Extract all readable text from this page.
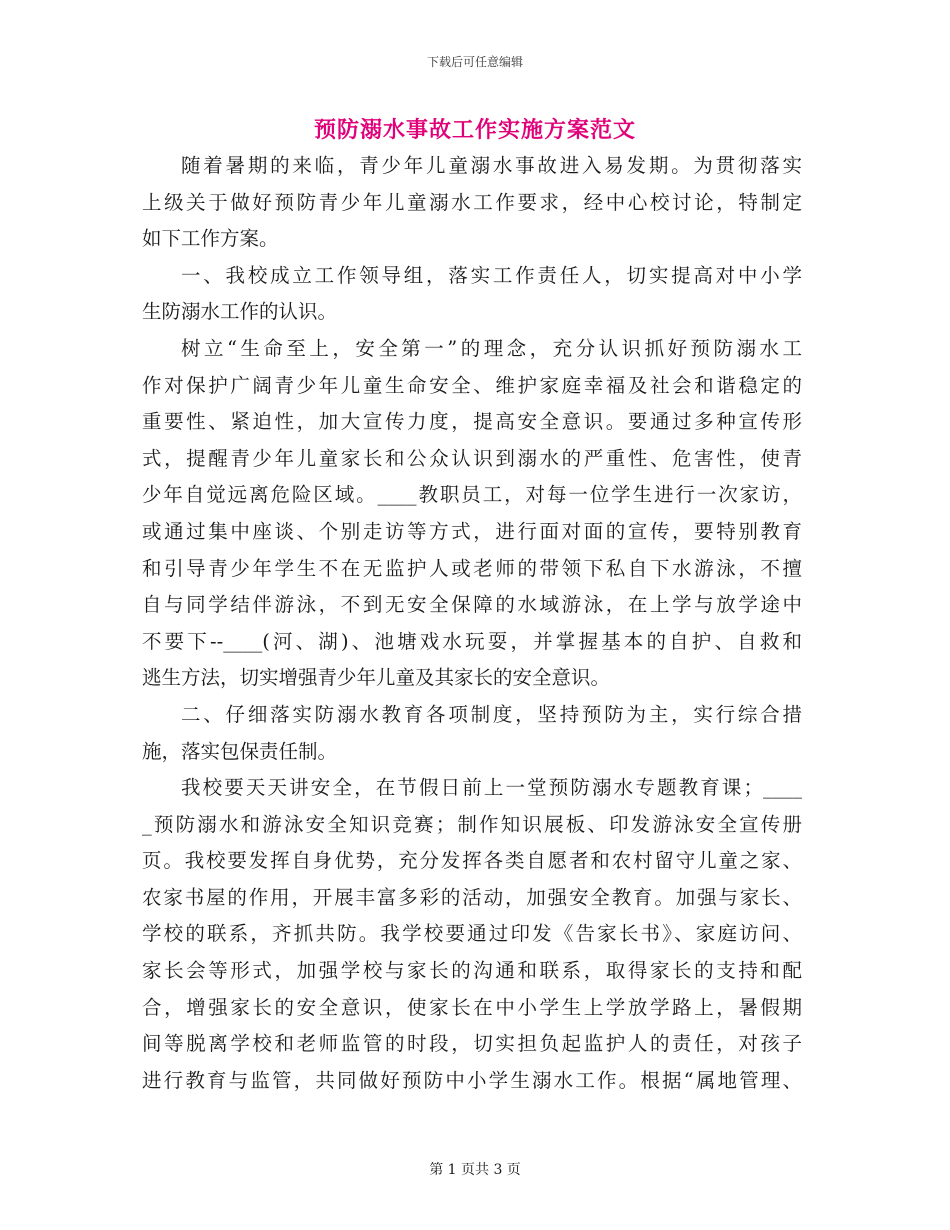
下载后可任意编辑
预防溺水事故工作实施方案范文
随着暑期的来临，青少年儿童溺水事故进入易发期。为贯彻落实
上级关于做好预防青少年儿童溺水工作要求，经中心校讨论，特制定
如下工作方案。
一、我校成立工作领导组，落实工作责任人，切实提高对中小学
生防溺水工作的认识。
树立“生命至上，安全第一”的理念，充分认识抓好预防溺水工
作对保护广阔青少年儿童生命安全、维护家庭幸福及社会和谐稳定的
重要性、紧迫性，加大宣传力度，提高安全意识。要通过多种宣传形
式，提醒青少年儿童家长和公众认识到溺水的严重性、危害性，使青
少年自觉远离危险区域。____教职员工，对每一位学生进行一次家访，
或通过集中座谈、个别走访等方式，进行面对面的宣传，要特别教育
和引导青少年学生不在无监护人或老师的带领下私自下水游泳，不擅
自与同学结伴游泳，不到无安全保障的水域游泳，在上学与放学途中
不要下--____(河、湖)、池塘戏水玩耍，并掌握基本的自护、自救和
逃生方法，切实增强青少年儿童及其家长的安全意识。
二、仔细落实防溺水教育各项制度，坚持预防为主，实行综合措
施，落实包保责任制。
我校要天天讲安全，在节假日前上一堂预防溺水专题教育课；____
_预防溺水和游泳安全知识竞赛；制作知识展板、印发游泳安全宣传册
页。我校要发挥自身优势，充分发挥各类自愿者和农村留守儿童之家、
农家书屋的作用，开展丰富多彩的活动，加强安全教育。加强与家长、
学校的联系，齐抓共防。我学校要通过印发《告家长书》、家庭访问、
家长会等形式，加强学校与家长的沟通和联系，取得家长的支持和配
合，增强家长的安全意识，使家长在中小学生上学放学路上，暑假期
间等脱离学校和老师监管的时段，切实担负起监护人的责任，对孩子
进行教育与监管，共同做好预防中小学生溺水工作。根据“属地管理、
第 1 页共 3 页
